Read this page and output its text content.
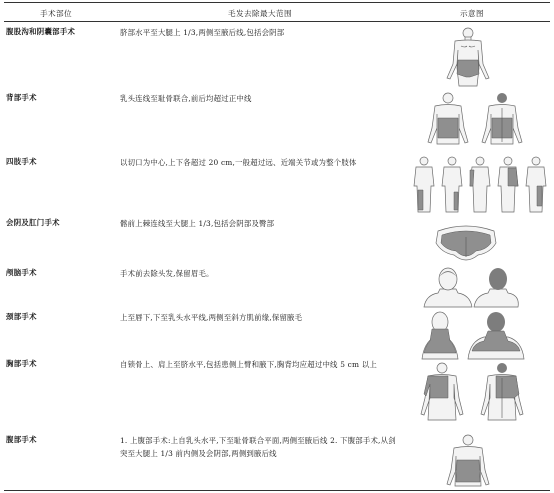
手术部位	毛发去除最大范围	示意图
腹股沟和阴囊部手术	脐部水平至大腿上 1/3,两侧至腋后线,包括会阴部
背部手术	乳头连线至耻骨联合,前后均超过正中线
四肢手术	以切口为中心,上下各超过 20 cm,一般超过远、近端关节或为整个肢体
会阴及肛门手术	髂前上棘连线至大腿上 1/3,包括会阴部及臀部
颅脑手术	手术前去除头发,保留眉毛。
颈部手术	上至唇下,下至乳头水平线,两侧至斜方肌前缘,保留腋毛
胸部手术	自锁骨上、肩上至脐水平,包括患侧上臂和腋下,胸背均应超过中线 5 cm 以上
腹部手术	1. 上腹部手术:上自乳头水平,下至耻骨联合平面,两侧至腋后线 2. 下腹部手术,从剑突至大腿上 1/3 前内侧及会阴部,两侧到腋后线
